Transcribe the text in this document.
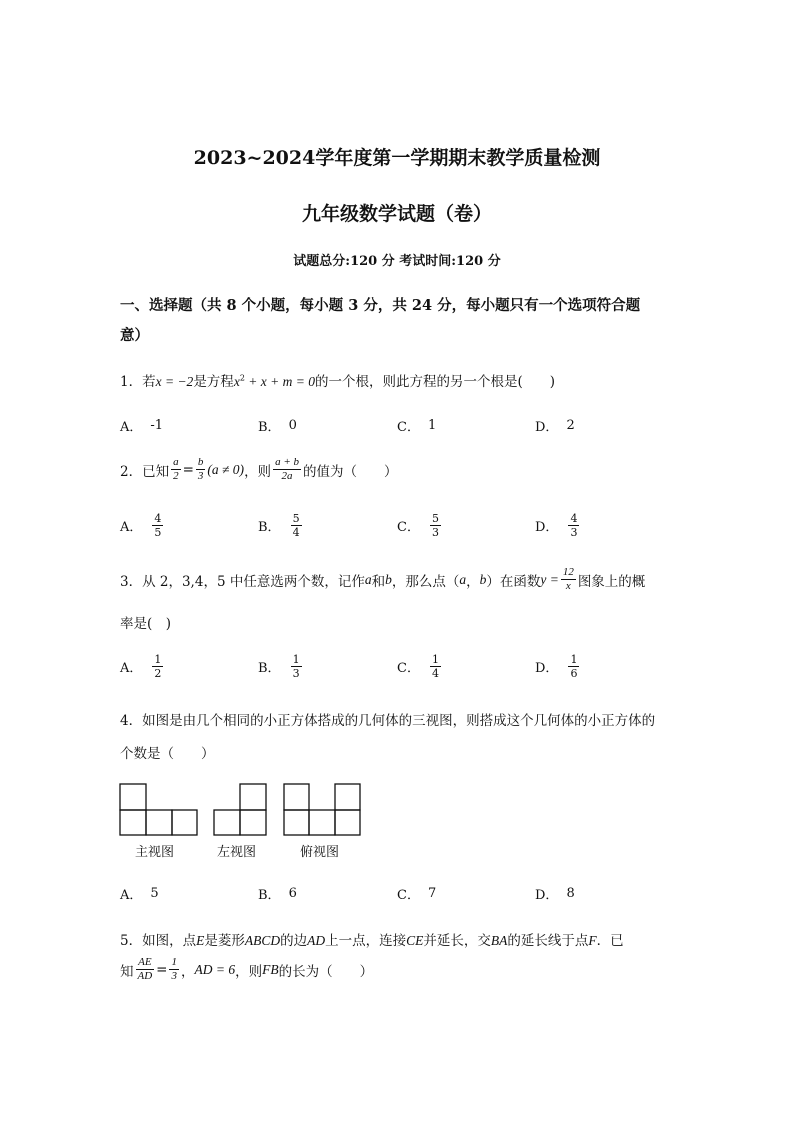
2023~2024学年度第一学期期末教学质量检测
九年级数学试题（卷）
试题总分:120 分 考试时间:120 分
一、选择题（共 8 个小题，每小题 3 分，共 24 分，每小题只有一个选项符合题
意）
1．若x = −2是方程$x^2 + x + m = 0$的一个根，则此方程的另一个根是(　　)
A． -1	B． 0	C． 1	D． 2
2．已知 $\frac{a}{2} = \frac{b}{3} (a \ne 0)$ ，则 $\frac{a + b}{2a}$ 的值为（　　）
A． $\frac{4}{5}$	B． $\frac{5}{4}$	C． $\frac{5}{3}$	D． $\frac{4}{3}$
3．从 2，3,4，5 中任意选两个数，记作 a 和 b ，那么点（ a ， b ）在函数 $y = \frac{12}{x}$ 图象上的概
率是(　)
A． $\frac{1}{2}$	B． $\frac{1}{3}$	C． $\frac{1}{4}$	D． $\frac{1}{6}$
4．如图是由几个相同的小正方体搭成的几何体的三视图，则搭成这个几何体的小正方体的
个数是（　　）
主视图	左视图	俯视图
A． 5	B． 6	C． 7	D． 8
5．如图，点E是菱形ABCD的边AD上一点，连接CE并延长，交BA的延长线于点F．已
知 $\frac{AE}{AD} = \frac{1}{3}$ ， AD = 6 ，则 FB 的长为（　　）
